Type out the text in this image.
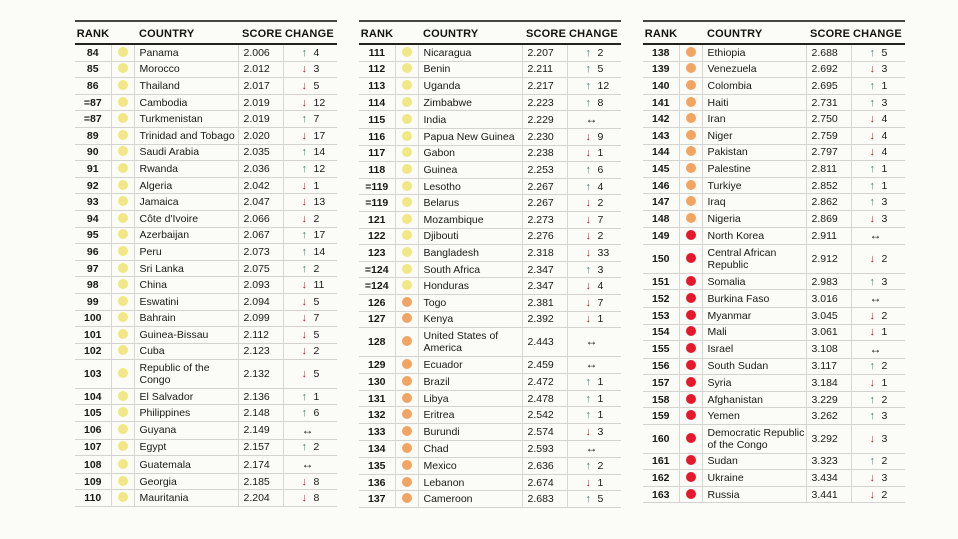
RANK		COUNTRY	SCORE	CHANGE
84		Panama	2.006	↑ 4
85		Morocco	2.012	↓ 3
86		Thailand	2.017	↓ 5
=87		Cambodia	2.019	↓ 12
=87		Turkmenistan	2.019	↑ 7
89		Trinidad and Tobago	2.020	↓ 17
90		Saudi Arabia	2.035	↑ 14
91		Rwanda	2.036	↑ 12
92		Algeria	2.042	↓ 1
93		Jamaica	2.047	↓ 13
94		Côte d'Ivoire	2.066	↓ 2
95		Azerbaijan	2.067	↑ 17
96		Peru	2.073	↑ 14
97		Sri Lanka	2.075	↑ 2
98		China	2.093	↓ 11
99		Eswatini	2.094	↓ 5
100		Bahrain	2.099	↓ 7
101		Guinea-Bissau	2.112	↓ 5
102		Cuba	2.123	↓ 2
103		Republic of the Congo	2.132	↓ 5
104		El Salvador	2.136	↑ 1
105		Philippines	2.148	↑ 6
106		Guyana	2.149	↔
107		Egypt	2.157	↑ 2
108		Guatemala	2.174	↔
109		Georgia	2.185	↓ 8
110		Mauritania	2.204	↓ 8
RANK		COUNTRY	SCORE	CHANGE
111		Nicaragua	2.207	↑ 2
112		Benin	2.211	↑ 5
113		Uganda	2.217	↑ 12
114		Zimbabwe	2.223	↑ 8
115		India	2.229	↔
116		Papua New Guinea	2.230	↓ 9
117		Gabon	2.238	↓ 1
118		Guinea	2.253	↑ 6
=119		Lesotho	2.267	↑ 4
=119		Belarus	2.267	↓ 2
121		Mozambique	2.273	↓ 7
122		Djibouti	2.276	↓ 2
123		Bangladesh	2.318	↓ 33
=124		South Africa	2.347	↑ 3
=124		Honduras	2.347	↓ 4
126		Togo	2.381	↓ 7
127		Kenya	2.392	↓ 1
128		United States of America	2.443	↔
129		Ecuador	2.459	↔
130		Brazil	2.472	↑ 1
131		Libya	2.478	↑ 1
132		Eritrea	2.542	↑ 1
133		Burundi	2.574	↓ 3
134		Chad	2.593	↔
135		Mexico	2.636	↑ 2
136		Lebanon	2.674	↓ 1
137		Cameroon	2.683	↑ 5
RANK		COUNTRY	SCORE	CHANGE
138		Ethiopia	2.688	↑ 5
139		Venezuela	2.692	↓ 3
140		Colombia	2.695	↑ 1
141		Haiti	2.731	↑ 3
142		Iran	2.750	↓ 4
143		Niger	2.759	↓ 4
144		Pakistan	2.797	↓ 4
145		Palestine	2.811	↑ 1
146		Turkiye	2.852	↑ 1
147		Iraq	2.862	↑ 3
148		Nigeria	2.869	↓ 3
149		North Korea	2.911	↔
150		Central African Republic	2.912	↓ 2
151		Somalia	2.983	↑ 3
152		Burkina Faso	3.016	↔
153		Myanmar	3.045	↓ 2
154		Mali	3.061	↓ 1
155		Israel	3.108	↔
156		South Sudan	3.117	↑ 2
157		Syria	3.184	↓ 1
158		Afghanistan	3.229	↑ 2
159		Yemen	3.262	↑ 3
160		Democratic Republic of the Congo	3.292	↓ 3
161		Sudan	3.323	↑ 2
162		Ukraine	3.434	↓ 3
163		Russia	3.441	↓ 2
